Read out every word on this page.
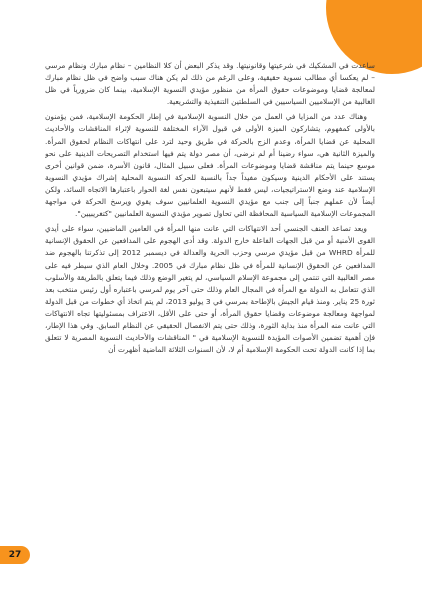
ساعدت في المشكيك في شرعيتها وقانونيتها. وقد يذكر البعض أن كلا النظامين – نظام مبارك ونظام مرسي – لم يعكسا أي مطالب نسوية حقيقية، وعلى الرغم من ذلك لم يكن هناك سبب واضح في ظل نظام مبارك لمعالجة قضايا وموضوعات حقوق المرأة من منظور مؤيدي النسوية الإسلامية، بينما كان ضرورياً في ظل الغالبية من الإسلاميين السياسيين في السلطتين التنفيذية والتشريعية.

وهناك عدد من المزايا في العمل من خلال النسوية الإسلامية في إطار الحكومة الإسلامية، فمن يؤمنون بالأولى كمفهوم، يتشاركون الميزة الأولى في قبول الآراء المختلفة للنسوية لإثراء المناقشات والأحاديث المحلية عن قضايا المرأة، وعدم الزج بالحركة في طريق وحيد لترد على انتهاكات النظام لحقوق المرأة. والميزة الثانية هي، سواء رضينا أم لم نرضى، أن مصر دولة يتم فيها استخدام التصريحات الدينية على نحو موسع حينما يتم مناقشة قضايا وموضوعات المرأة. فعلى سبيل المثال، قانون الأسرة، ضمن قوانين أخرى يستند على الأحكام الدينية وسيكون مفيداً جداً بالنسبة للحركة النسوية المحلية إشراك مؤيدي النسوية الإسلامية عند وضع الاستراتيجيات، ليس فقط لأنهم سيتبعون نفس لغة الحوار باعتبارها الاتجاه السائد، ولكن أيضاً لأن عملهم جنباً إلى جنب مع مؤيدي النسوية العلمانيين سوف يقوي ويرسخ الحركة في مواجهة المجموعات الإسلامية السياسية المحافظة التي تحاول تصوير مؤيدي النسوية العلمانيين "كتغريبيين".

ويعد تصاعد العنف الجنسي أحد الانتهاكات التي عانت منها المرأة في العامين الماضيين، سواء على أيدي القوى الأمنية أو من قبل الجهات الفاعلة خارج الدولة. وقد أدى الهجوم على المدافعين عن الحقوق الإنسانية للمرأة WHRD من قبل مؤيدي مرسي وحزب الحرية والعدالة في ديسمبر 2012 إلى تذكرتنا بالهجوم ضد المدافعين عن الحقوق الإنسانية للمرأة في ظل نظام مبارك في 2005. وخلال العام الذي سيطر فيه على مصر الغالبية التي تنتمي إلى مجموعة الإسلام السياسي، لم يتغير الوضع وذلك فيما يتعلق بالطريقة والأسلوب الذي تتعامل به الدولة مع المرأة في المجال العام وذلك حتى آخر يوم لمرسي باعتباره أول رئيس منتخب بعد ثورة 25 يناير. ومنذ قيام الجيش بالإطاحة بمرسي في 3 يوليو 2013، لم يتم اتخاذ أي خطوات من قبل الدولة لمواجهة ومعالجة موضوعات وقضايا حقوق المرأة، أو حتى على الأقل، الاعتراف بمسئوليتها تجاه الانتهاكات التي عانت منه المرأة منذ بداية الثورة، وذلك حتى يتم الانفصال الحقيقي عن النظام السابق. وفي هذا الإطار، فإن أهمية تضمين الأصوات المؤيدة للنسوية الإسلامية في " المناقشات والأحاديث النسوية المصرية لا تتعلق بما إذا كانت الدولة تحت الحكومة الإسلامية أم لا، لأن السنوات الثلاثة الماضية أظهرت أن

27
